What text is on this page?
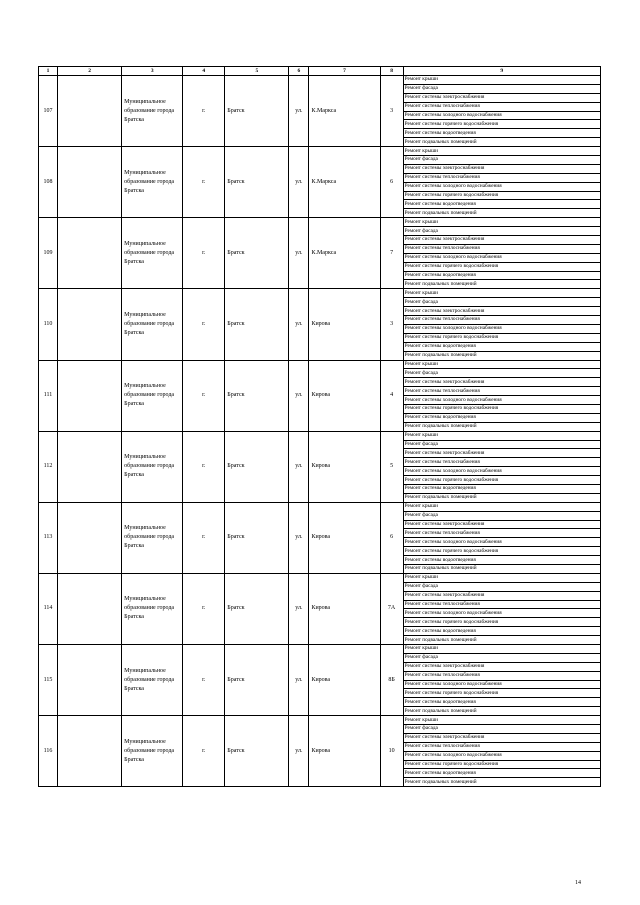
1	2	3	4	5	6	7	8	9
107		Муниципальное образование города Братска	г.	Братск	ул.	К.Маркса	3	Ремонт крыши
								Ремонт фасада
								Ремонт системы электроснабжения
								Ремонт системы теплоснабжения
								Ремонт системы холодного водоснабжения
								Ремонт системы горячего водоснабжения
								Ремонт системы водоотведения
								Ремонт подвальных помещений
108		Муниципальное образование города Братска	г.	Братск	ул.	К.Маркса	6	Ремонт крыши
								Ремонт фасада
								Ремонт системы электроснабжения
								Ремонт системы теплоснабжения
								Ремонт системы холодного водоснабжения
								Ремонт системы горячего водоснабжения
								Ремонт системы водоотведения
								Ремонт подвальных помещений
109		Муниципальное образование города Братска	г.	Братск	ул.	К.Маркса	7	Ремонт крыши
								Ремонт фасада
								Ремонт системы электроснабжения
								Ремонт системы теплоснабжения
								Ремонт системы холодного водоснабжения
								Ремонт системы горячего водоснабжения
								Ремонт системы водоотведения
								Ремонт подвальных помещений
110		Муниципальное образование города Братска	г.	Братск	ул.	Кирова	3	Ремонт крыши
								Ремонт фасада
								Ремонт системы электроснабжения
								Ремонт системы теплоснабжения
								Ремонт системы холодного водоснабжения
								Ремонт системы горячего водоснабжения
								Ремонт системы водоотведения
								Ремонт подвальных помещений
111		Муниципальное образование города Братска	г.	Братск	ул.	Кирова	4	Ремонт крыши
								Ремонт фасада
								Ремонт системы электроснабжения
								Ремонт системы теплоснабжения
								Ремонт системы холодного водоснабжения
								Ремонт системы горячего водоснабжения
								Ремонт системы водоотведения
								Ремонт подвальных помещений
112		Муниципальное образование города Братска	г.	Братск	ул.	Кирова	5	Ремонт крыши
								Ремонт фасада
								Ремонт системы электроснабжения
								Ремонт системы теплоснабжения
								Ремонт системы холодного водоснабжения
								Ремонт системы горячего водоснабжения
								Ремонт системы водоотведения
								Ремонт подвальных помещений
113		Муниципальное образование города Братска	г.	Братск	ул.	Кирова	6	Ремонт крыши
								Ремонт фасада
								Ремонт системы электроснабжения
								Ремонт системы теплоснабжения
								Ремонт системы холодного водоснабжения
								Ремонт системы горячего водоснабжения
								Ремонт системы водоотведения
								Ремонт подвальных помещений
114		Муниципальное образование города Братска	г.	Братск	ул.	Кирова	7А	Ремонт крыши
								Ремонт фасада
								Ремонт системы электроснабжения
								Ремонт системы теплоснабжения
								Ремонт системы холодного водоснабжения
								Ремонт системы горячего водоснабжения
								Ремонт системы водоотведения
								Ремонт подвальных помещений
115		Муниципальное образование города Братска	г.	Братск	ул.	Кирова	8Б	Ремонт крыши
								Ремонт фасада
								Ремонт системы электроснабжения
								Ремонт системы теплоснабжения
								Ремонт системы холодного водоснабжения
								Ремонт системы горячего водоснабжения
								Ремонт системы водоотведения
								Ремонт подвальных помещений
116		Муниципальное образование города Братска	г.	Братск	ул.	Кирова	10	Ремонт крыши
								Ремонт фасада
								Ремонт системы электроснабжения
								Ремонт системы теплоснабжения
								Ремонт системы холодного водоснабжения
								Ремонт системы горячего водоснабжения
								Ремонт системы водоотведения
								Ремонт подвальных помещений
14
